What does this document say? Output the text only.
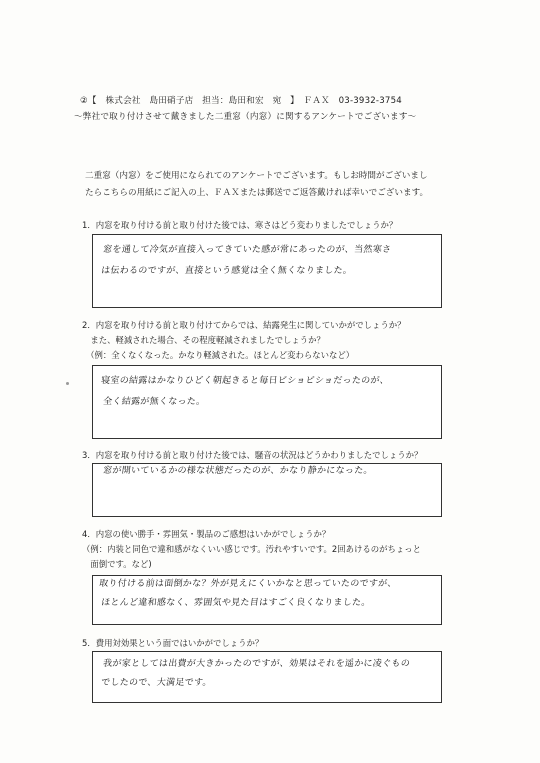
②【　株式会社　島田硝子店　担当：島田和宏　宛　】　ＦＡＸ　03-3932-3754
～弊社で取り付けさせて戴きました二重窓（内窓）に関するアンケートでございます～
二重窓（内窓）をご使用になられてのアンケートでございます。もしお時間がございまし
たらこちらの用紙にご記入の上、ＦＡＸまたは郵送でご返答戴ければ幸いでございます。
1．内窓を取り付ける前と取り付けた後では、寒さはどう変わりましたでしょうか？
窓を通して冷気が直接入ってきていた感が常にあったのが、当然寒さ
は伝わるのですが、直接という感覚は全く無くなりました。
2．内窓を取り付ける前と取り付けてからでは、結露発生に関していかがでしょうか？
　また、軽減された場合、その程度軽減されましたでしょうか？
　（例：全くなくなった。かなり軽減された。ほとんど変わらないなど）
寝室の結露はかなりひどく朝起きると毎日ビショビショだったのが、
全く結露が無くなった。
3．内窓を取り付ける前と取り付けた後では、騒音の状況はどうかわりましたでしょうか？
窓が開いているかの様な状態だったのが、かなり静かになった。
4．内窓の使い勝手・雰囲気・製品のご感想はいかがでしょうか？
（例：内装と同色で違和感がなくいい感じです。汚れやすいです。2回あけるのがちょっと
　面倒です。など)
取り付ける前は面倒かな？外が見えにくいかなと思っていたのですが、
ほとんど違和感なく、雰囲気や見た目はすごく良くなりました。
5．費用対効果という面ではいかがでしょうか？
我が家としては出費が大きかったのですが、効果はそれを遥かに凌ぐもの
でしたので、大満足です。
